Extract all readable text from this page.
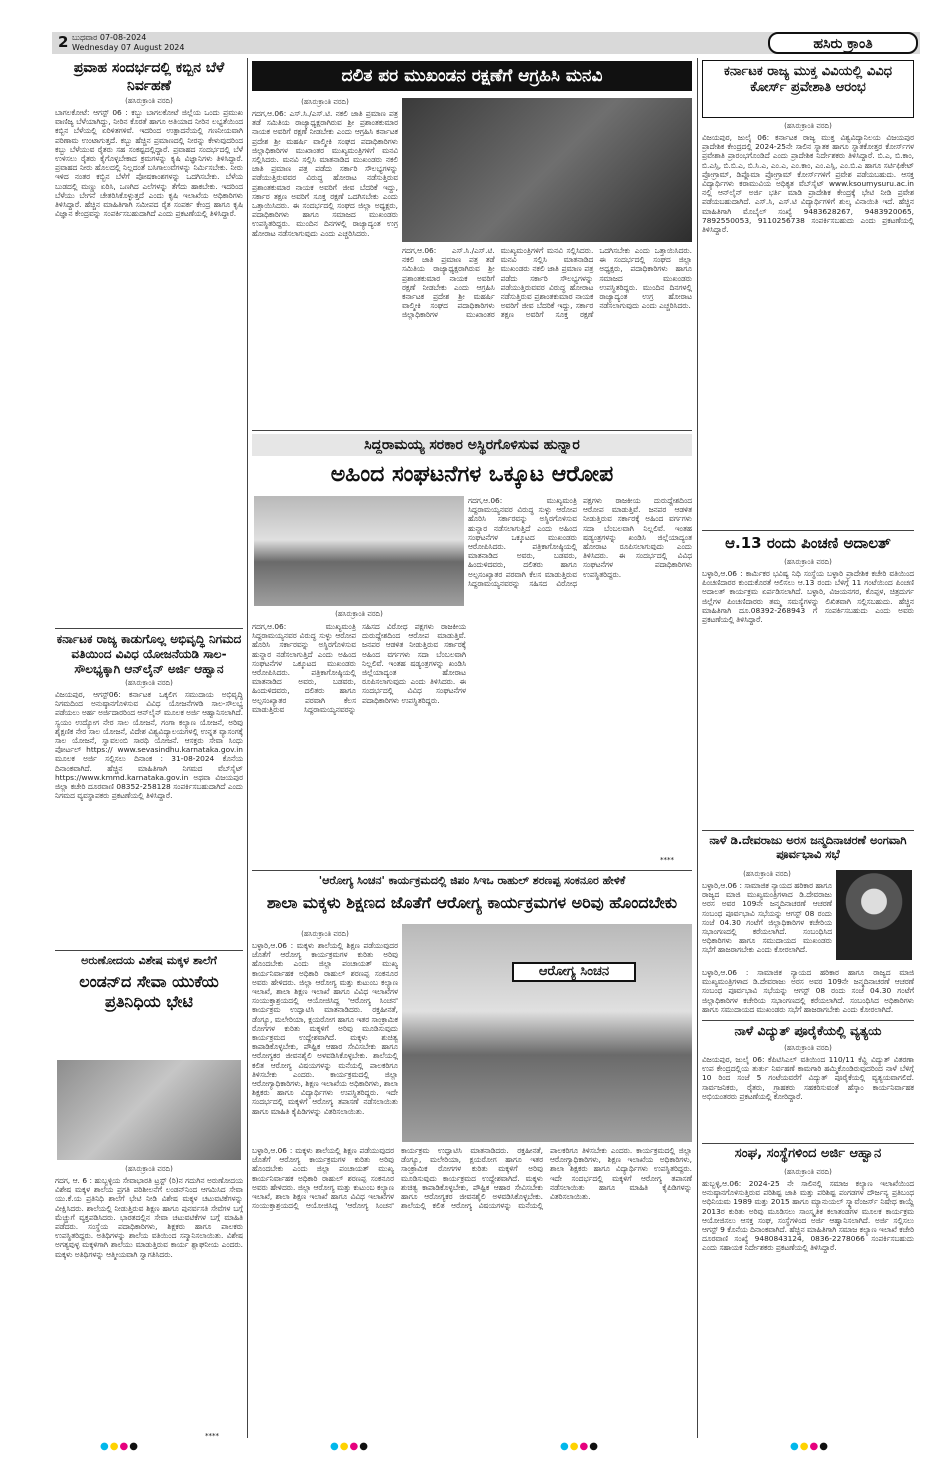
2 ಬುಧವಾರ 07-08-2024
Wednesday 07 August 2024	ಹಸಿರು ಕ್ರಾಂತಿ
ಪ್ರವಾಹ ಸಂದರ್ಭದಲ್ಲಿ ಕಬ್ಬಿನ ಬೆಳೆ ನಿರ್ವಹಣೆ
(ಹಸಿರುಕ್ರಾಂತಿ ವರದಿ)
ಬಾಗಲಕೋಟೆ: ಆಗಸ್ಟ್ 06 : ಕಬ್ಬು ಬಾಗಲಕೋಟೆ ಜಿಲ್ಲೆಯ ಒಂದು ಪ್ರಮುಖ ವಾಣಿಜ್ಯ ಬೆಳೆಯಾಗಿದ್ದು, ನೀರಿನ ಕೊರತೆ ಹಾಗೂ ಅತಿಯಾದ ನೀರಿನ ಲಭ್ಯತೆಯಿಂದ ಕಬ್ಬಿನ ಬೆಳೆಯಲ್ಲಿ ಏರಿಳಿತಗಳಿವೆ. ಇದರಿಂದ ಉತ್ಪಾದನೆಯಲ್ಲಿ ಗಣನೀಯವಾಗಿ ಪರಿಣಾಮ ಉಂಟಾಗುತ್ತದೆ. ಕಬ್ಬು ಹೆಚ್ಚಿನ ಪ್ರಮಾಣದಲ್ಲಿ ನೀರನ್ನು ಕೇಳುವುದರಿಂದ ಕಬ್ಬು ಬೆಳೆಯುವ ರೈತರು ಸಹ ಸಂಕಷ್ಟದಲ್ಲಿದ್ದಾರೆ. ಪ್ರವಾಹದ ಸಂದರ್ಭದಲ್ಲಿ ಬೆಳೆ ಉಳಿಸಲು ರೈತರು ಕೈಗೊಳ್ಳಬೇಕಾದ ಕ್ರಮಗಳನ್ನು ಕೃಷಿ ವಿಜ್ಞಾನಿಗಳು ತಿಳಿಸಿದ್ದಾರೆ. ಪ್ರವಾಹದ ನೀರು ಹೊಲದಲ್ಲಿ ನಿಲ್ಲದಂತೆ ಬಸಿಗಾಲುವೆಗಳನ್ನು ನಿರ್ಮಿಸಬೇಕು. ನೀರು ಇಳಿದ ನಂತರ ಕಬ್ಬಿನ ಬೆಳೆಗೆ ಪೋಷಕಾಂಶಗಳನ್ನು ಒದಗಿಸಬೇಕು. ಬೆಳೆಯ ಬುಡದಲ್ಲಿ ಮಣ್ಣು ಏರಿಸಿ, ಒಣಗಿದ ಎಲೆಗಳನ್ನು ತೆಗೆದು ಹಾಕಬೇಕು. ಇದರಿಂದ ಬೆಳೆಯು ಬೇಗನೆ ಚೇತರಿಸಿಕೊಳ್ಳುತ್ತದೆ ಎಂದು ಕೃಷಿ ಇಲಾಖೆಯ ಅಧಿಕಾರಿಗಳು ತಿಳಿಸಿದ್ದಾರೆ. ಹೆಚ್ಚಿನ ಮಾಹಿತಿಗಾಗಿ ಸಮೀಪದ ರೈತ ಸಂಪರ್ಕ ಕೇಂದ್ರ ಹಾಗೂ ಕೃಷಿ ವಿಜ್ಞಾನ ಕೇಂದ್ರವನ್ನು ಸಂಪರ್ಕಿಸಬಹುದಾಗಿದೆ ಎಂದು ಪ್ರಕಟಣೆಯಲ್ಲಿ ತಿಳಿಸಿದ್ದಾರೆ.
ಕರ್ನಾಟಕ ರಾಜ್ಯ ಕಾಡುಗೊಲ್ಲ ಅಭಿವೃದ್ಧಿ ನಿಗಮದ ವತಿಯಿಂದ ವಿವಿಧ ಯೋಜನೆಯಡಿ ಸಾಲ-ಸೌಲಭ್ಯಕ್ಕಾಗಿ ಆನ್‌ಲೈನ್ ಅರ್ಜಿ ಆಹ್ವಾನ
(ಹಸಿರುಕ್ರಾಂತಿ ವರದಿ)
ವಿಜಯಪುರ, ಆಗಸ್ಟ್06: ಕರ್ನಾಟಕ ಒಕ್ಕಲಿಗ ಸಮುದಾಯ ಅಭಿವೃದ್ಧಿ ನಿಗಮದಿಂದ ಅನುಷ್ಠಾನಗೊಳಿಸುವ ವಿವಿಧ ಯೋಜನೆಗಳಡಿ ಸಾಲ-ಸೌಲಭ್ಯ ಪಡೆಯಲು ಅರ್ಹ ಅರ್ಜಿದಾರರಿಂದ ಆನ್‌ಲೈನ್ ಮೂಲಕ ಅರ್ಜಿ ಆಹ್ವಾನಿಸಲಾಗಿದೆ. ಸ್ವಯಂ ಉದ್ಯೋಗ ನೇರ ಸಾಲ ಯೋಜನೆ, ಗಂಗಾ ಕಲ್ಯಾಣ ಯೋಜನೆ, ಅರಿವು ಶೈಕ್ಷಣಿಕ ನೇರ ಸಾಲ ಯೋಜನೆ, ವಿದೇಶ ವಿಶ್ವವಿದ್ಯಾಲಯಗಳಲ್ಲಿ ಉನ್ನತ ವ್ಯಾಸಂಗಕ್ಕೆ ಸಾಲ ಯೋಜನೆ, ಸ್ವಾವಲಂಬಿ ಸಾರಥಿ ಯೋಜನೆ. ಆಸಕ್ತರು ಸೇವಾ ಸಿಂಧು ಪೋರ್ಟಲ್ https:// www.sevasindhu.karnataka.gov.in ಮೂಲಕ ಅರ್ಜಿ ಸಲ್ಲಿಸಲು ದಿನಾಂಕ : 31-08-2024 ಕೊನೆಯ ದಿನಾಂಕವಾಗಿದೆ. ಹೆಚ್ಚಿನ ಮಾಹಿತಿಗಾಗಿ ನಿಗಮದ ವೆಬ್‌ಸೈಟ್ https://www.kmmd.karnataka.gov.in ಅಥವಾ ವಿಜಯಪುರ ಜಿಲ್ಲಾ ಕಚೇರಿ ದೂರವಾಣಿ 08352-258128 ಸಂಪರ್ಕಿಸಬಹುದಾಗಿದೆ ಎಂದು ನಿಗಮದ ವ್ಯವಸ್ಥಾಪಕರು ಪ್ರಕಟಣೆಯಲ್ಲಿ ತಿಳಿಸಿದ್ದಾರೆ.
ಅರುಣೋದಯ ವಿಶೇಷ ಮಕ್ಕಳ ಶಾಲೆಗೆ
ಲಂಡನ್‌ದ ಸೇವಾ ಯುಕೆಯ ಪ್ರತಿನಿಧಿಯ ಭೇಟಿ
(ಹಸಿರುಕ್ರಾಂತಿ ವರದಿ)
ಗದಗ, ಆ. 6 : ಹುಬ್ಬಳ್ಳಿಯ ಸೇವಾಭಾರತಿ ಟ್ರಸ್ಟ್ (ರಿ)ನ ಗದುಗಿನ ಅರುಣೋದಯ ವಿಶೇಷ ಮಕ್ಕಳ ಶಾಲೆಯ ಪ್ರಗತಿ ಪರಿಶೀಲನೆಗೆ ಲಂಡನ್‌ನಿಂದ ಆಗಮಿಸಿದ ಸೇವಾ ಯು.ಕೆ.ಯ ಪ್ರತಿನಿಧಿ ಶಾಲೆಗೆ ಭೇಟಿ ನೀಡಿ ವಿಶೇಷ ಮಕ್ಕಳ ಚಟುವಟಿಕೆಗಳನ್ನು ವೀಕ್ಷಿಸಿದರು. ಶಾಲೆಯಲ್ಲಿ ನೀಡುತ್ತಿರುವ ಶಿಕ್ಷಣ ಹಾಗೂ ಪುನರ್ವಸತಿ ಸೇವೆಗಳ ಬಗ್ಗೆ ಮೆಚ್ಚುಗೆ ವ್ಯಕ್ತಪಡಿಸಿದರು. ಭಾರತದಲ್ಲಿನ ಸೇವಾ ಚಟುವಟಿಕೆಗಳ ಬಗ್ಗೆ ಮಾಹಿತಿ ಪಡೆದರು. ಸಂಸ್ಥೆಯ ಪದಾಧಿಕಾರಿಗಳು, ಶಿಕ್ಷಕರು ಹಾಗೂ ಪಾಲಕರು ಉಪಸ್ಥಿತರಿದ್ದರು. ಅತಿಥಿಗಳನ್ನು ಶಾಲೆಯ ವತಿಯಿಂದ ಸನ್ಮಾನಿಸಲಾಯಿತು. ವಿಶೇಷ ಅಗತ್ಯವುಳ್ಳ ಮಕ್ಕಳಿಗಾಗಿ ಶಾಲೆಯು ಮಾಡುತ್ತಿರುವ ಕಾರ್ಯ ಶ್ಲಾಘನೀಯ ಎಂದರು. ಮಕ್ಕಳು ಅತಿಥಿಗಳನ್ನು ಆತ್ಮೀಯವಾಗಿ ಸ್ವಾಗತಿಸಿದರು.
ದಲಿತ ಪರ ಮುಖಂಡನ ರಕ್ಷಣೆಗೆ ಆಗ್ರಹಿಸಿ ಮನವಿ
(ಹಸಿರುಕ್ರಾಂತಿ ವರದಿ)
ಗದಗ,ಆ.06: ಎಸ್.ಸಿ./ಎಸ್.ಟಿ. ನಕಲಿ ಜಾತಿ ಪ್ರಮಾಣ ಪತ್ರ ತಡೆ ಸಮಿತಿಯ ರಾಜ್ಯಾಧ್ಯಕ್ಷರಾಗಿರುವ ಶ್ರೀ ಪ್ರಶಾಂತಕುಮಾರ ನಾಯಕ ಅವರಿಗೆ ರಕ್ಷಣೆ ನೀಡಬೇಕು ಎಂದು ಆಗ್ರಹಿಸಿ ಕರ್ನಾಟಕ ಪ್ರದೇಶ ಶ್ರೀ ಮಹರ್ಷಿ ವಾಲ್ಮೀಕಿ ಸಂಘದ ಪದಾಧಿಕಾರಿಗಳು ಜಿಲ್ಲಾಧಿಕಾರಿಗಳ ಮುಖಾಂತರ ಮುಖ್ಯಮಂತ್ರಿಗಳಿಗೆ ಮನವಿ ಸಲ್ಲಿಸಿದರು. ಮನವಿ ಸಲ್ಲಿಸಿ ಮಾತನಾಡಿದ ಮುಖಂಡರು ನಕಲಿ ಜಾತಿ ಪ್ರಮಾಣ ಪತ್ರ ಪಡೆದು ಸರ್ಕಾರಿ ಸೌಲಭ್ಯಗಳನ್ನು ಪಡೆಯುತ್ತಿರುವವರ ವಿರುದ್ಧ ಹೋರಾಟ ನಡೆಸುತ್ತಿರುವ ಪ್ರಶಾಂತಕುಮಾರ ನಾಯಕ ಅವರಿಗೆ ಜೀವ ಬೆದರಿಕೆ ಇದ್ದು, ಸರ್ಕಾರ ತಕ್ಷಣ ಅವರಿಗೆ ಸೂಕ್ತ ರಕ್ಷಣೆ ಒದಗಿಸಬೇಕು ಎಂದು ಒತ್ತಾಯಿಸಿದರು. ಈ ಸಂದರ್ಭದಲ್ಲಿ ಸಂಘದ ಜಿಲ್ಲಾ ಅಧ್ಯಕ್ಷರು, ಪದಾಧಿಕಾರಿಗಳು ಹಾಗೂ ಸಮಾಜದ ಮುಖಂಡರು ಉಪಸ್ಥಿತರಿದ್ದರು. ಮುಂದಿನ ದಿನಗಳಲ್ಲಿ ರಾಜ್ಯಾದ್ಯಂತ ಉಗ್ರ ಹೋರಾಟ ನಡೆಸಲಾಗುವುದು ಎಂದು ಎಚ್ಚರಿಸಿದರು.
ಗದಗ,ಆ.06: ಎಸ್.ಸಿ./ಎಸ್.ಟಿ. ನಕಲಿ ಜಾತಿ ಪ್ರಮಾಣ ಪತ್ರ ತಡೆ ಸಮಿತಿಯ ರಾಜ್ಯಾಧ್ಯಕ್ಷರಾಗಿರುವ ಶ್ರೀ ಪ್ರಶಾಂತಕುಮಾರ ನಾಯಕ ಅವರಿಗೆ ರಕ್ಷಣೆ ನೀಡಬೇಕು ಎಂದು ಆಗ್ರಹಿಸಿ ಕರ್ನಾಟಕ ಪ್ರದೇಶ ಶ್ರೀ ಮಹರ್ಷಿ ವಾಲ್ಮೀಕಿ ಸಂಘದ ಪದಾಧಿಕಾರಿಗಳು ಜಿಲ್ಲಾಧಿಕಾರಿಗಳ ಮುಖಾಂತರ ಮುಖ್ಯಮಂತ್ರಿಗಳಿಗೆ ಮನವಿ ಸಲ್ಲಿಸಿದರು. ಮನವಿ ಸಲ್ಲಿಸಿ ಮಾತನಾಡಿದ ಮುಖಂಡರು ನಕಲಿ ಜಾತಿ ಪ್ರಮಾಣ ಪತ್ರ ಪಡೆದು ಸರ್ಕಾರಿ ಸೌಲಭ್ಯಗಳನ್ನು ಪಡೆಯುತ್ತಿರುವವರ ವಿರುದ್ಧ ಹೋರಾಟ ನಡೆಸುತ್ತಿರುವ ಪ್ರಶಾಂತಕುಮಾರ ನಾಯಕ ಅವರಿಗೆ ಜೀವ ಬೆದರಿಕೆ ಇದ್ದು, ಸರ್ಕಾರ ತಕ್ಷಣ ಅವರಿಗೆ ಸೂಕ್ತ ರಕ್ಷಣೆ ಒದಗಿಸಬೇಕು ಎಂದು ಒತ್ತಾಯಿಸಿದರು. ಈ ಸಂದರ್ಭದಲ್ಲಿ ಸಂಘದ ಜಿಲ್ಲಾ ಅಧ್ಯಕ್ಷರು, ಪದಾಧಿಕಾರಿಗಳು ಹಾಗೂ ಸಮಾಜದ ಮುಖಂಡರು ಉಪಸ್ಥಿತರಿದ್ದರು. ಮುಂದಿನ ದಿನಗಳಲ್ಲಿ ರಾಜ್ಯಾದ್ಯಂತ ಉಗ್ರ ಹೋರಾಟ ನಡೆಸಲಾಗುವುದು ಎಂದು ಎಚ್ಚರಿಸಿದರು.
ಸಿದ್ದರಾಮಯ್ಯ ಸರಕಾರ ಅಸ್ಥಿರಗೊಳಿಸುವ ಹುನ್ನಾರ
ಅಹಿಂದ ಸಂಘಟನೆಗಳ ಒಕ್ಕೂಟ ಆರೋಪ
(ಹಸಿರುಕ್ರಾಂತಿ ವರದಿ)
ಗದಗ,ಆ.06: ಮುಖ್ಯಮಂತ್ರಿ ಸಿದ್ದರಾಮಯ್ಯನವರ ವಿರುದ್ಧ ಸುಳ್ಳು ಆರೋಪ ಹೊರಿಸಿ ಸರ್ಕಾರವನ್ನು ಅಸ್ಥಿರಗೊಳಿಸುವ ಹುನ್ನಾರ ನಡೆಸಲಾಗುತ್ತಿದೆ ಎಂದು ಅಹಿಂದ ಸಂಘಟನೆಗಳ ಒಕ್ಕೂಟದ ಮುಖಂಡರು ಆರೋಪಿಸಿದರು. ಪತ್ರಿಕಾಗೋಷ್ಠಿಯಲ್ಲಿ ಮಾತನಾಡಿದ ಅವರು, ಬಡವರು, ಹಿಂದುಳಿದವರು, ದಲಿತರು ಹಾಗೂ ಅಲ್ಪಸಂಖ್ಯಾತರ ಪರವಾಗಿ ಕೆಲಸ ಮಾಡುತ್ತಿರುವ ಸಿದ್ದರಾಮಯ್ಯನವರನ್ನು ಸಹಿಸದ ವಿರೋಧ ಪಕ್ಷಗಳು ರಾಜಕೀಯ ದುರುದ್ದೇಶದಿಂದ ಆರೋಪ ಮಾಡುತ್ತಿವೆ. ಜನಪರ ಆಡಳಿತ ನೀಡುತ್ತಿರುವ ಸರ್ಕಾರಕ್ಕೆ ಅಹಿಂದ ವರ್ಗಗಳು ಸದಾ ಬೆಂಬಲವಾಗಿ ನಿಲ್ಲಲಿವೆ. ಇಂತಹ ಷಡ್ಯಂತ್ರಗಳನ್ನು ಖಂಡಿಸಿ ಜಿಲ್ಲೆಯಾದ್ಯಂತ ಹೋರಾಟ ರೂಪಿಸಲಾಗುವುದು ಎಂದು ತಿಳಿಸಿದರು. ಈ ಸಂದರ್ಭದಲ್ಲಿ ವಿವಿಧ ಸಂಘಟನೆಗಳ ಪದಾಧಿಕಾರಿಗಳು ಉಪಸ್ಥಿತರಿದ್ದರು.
ಗದಗ,ಆ.06: ಮುಖ್ಯಮಂತ್ರಿ ಸಿದ್ದರಾಮಯ್ಯನವರ ವಿರುದ್ಧ ಸುಳ್ಳು ಆರೋಪ ಹೊರಿಸಿ ಸರ್ಕಾರವನ್ನು ಅಸ್ಥಿರಗೊಳಿಸುವ ಹುನ್ನಾರ ನಡೆಸಲಾಗುತ್ತಿದೆ ಎಂದು ಅಹಿಂದ ಸಂಘಟನೆಗಳ ಒಕ್ಕೂಟದ ಮುಖಂಡರು ಆರೋಪಿಸಿದರು. ಪತ್ರಿಕಾಗೋಷ್ಠಿಯಲ್ಲಿ ಮಾತನಾಡಿದ ಅವರು, ಬಡವರು, ಹಿಂದುಳಿದವರು, ದಲಿತರು ಹಾಗೂ ಅಲ್ಪಸಂಖ್ಯಾತರ ಪರವಾಗಿ ಕೆಲಸ ಮಾಡುತ್ತಿರುವ ಸಿದ್ದರಾಮಯ್ಯನವರನ್ನು ಸಹಿಸದ ವಿರೋಧ ಪಕ್ಷಗಳು ರಾಜಕೀಯ ದುರುದ್ದೇಶದಿಂದ ಆರೋಪ ಮಾಡುತ್ತಿವೆ. ಜನಪರ ಆಡಳಿತ ನೀಡುತ್ತಿರುವ ಸರ್ಕಾರಕ್ಕೆ ಅಹಿಂದ ವರ್ಗಗಳು ಸದಾ ಬೆಂಬಲವಾಗಿ ನಿಲ್ಲಲಿವೆ. ಇಂತಹ ಷಡ್ಯಂತ್ರಗಳನ್ನು ಖಂಡಿಸಿ ಜಿಲ್ಲೆಯಾದ್ಯಂತ ಹೋರಾಟ ರೂಪಿಸಲಾಗುವುದು ಎಂದು ತಿಳಿಸಿದರು. ಈ ಸಂದರ್ಭದಲ್ಲಿ ವಿವಿಧ ಸಂಘಟನೆಗಳ ಪದಾಧಿಕಾರಿಗಳು ಉಪಸ್ಥಿತರಿದ್ದರು.
****
'ಆರೋಗ್ಯ ಸಿಂಚನ' ಕಾರ್ಯಕ್ರಮದಲ್ಲಿ ಜಿಪಂ ಸಿಇಒ ರಾಹುಲ್ ಶರಣಪ್ಪ ಸಂಕನೂರ ಹೇಳಿಕೆ
ಶಾಲಾ ಮಕ್ಕಳು ಶಿಕ್ಷಣದ ಜೊತೆಗೆ ಆರೋಗ್ಯ ಕಾರ್ಯಕ್ರಮಗಳ ಅರಿವು ಹೊಂದಬೇಕು
ಆರೋಗ್ಯ ಸಿಂಚನ
(ಹಸಿರುಕ್ರಾಂತಿ ವರದಿ)
ಬಳ್ಳಾರಿ,ಆ.06 : ಮಕ್ಕಳು ಶಾಲೆಯಲ್ಲಿ ಶಿಕ್ಷಣ ಪಡೆಯುವುದರ ಜೊತೆಗೆ ಆರೋಗ್ಯ ಕಾರ್ಯಕ್ರಮಗಳ ಕುರಿತು ಅರಿವು ಹೊಂದಬೇಕು ಎಂದು ಜಿಲ್ಲಾ ಪಂಚಾಯತ್ ಮುಖ್ಯ ಕಾರ್ಯನಿರ್ವಾಹಕ ಅಧಿಕಾರಿ ರಾಹುಲ್ ಶರಣಪ್ಪ ಸಂಕನೂರ ಅವರು ಹೇಳಿದರು. ಜಿಲ್ಲಾ ಆರೋಗ್ಯ ಮತ್ತು ಕುಟುಂಬ ಕಲ್ಯಾಣ ಇಲಾಖೆ, ಶಾಲಾ ಶಿಕ್ಷಣ ಇಲಾಖೆ ಹಾಗೂ ವಿವಿಧ ಇಲಾಖೆಗಳ ಸಂಯುಕ್ತಾಶ್ರಯದಲ್ಲಿ ಆಯೋಜಿಸಿದ್ದ 'ಆರೋಗ್ಯ ಸಿಂಚನ' ಕಾರ್ಯಕ್ರಮ ಉದ್ಘಾಟಿಸಿ ಮಾತನಾಡಿದರು. ರಕ್ತಹೀನತೆ, ಡೆಂಗ್ಯೂ, ಮಲೇರಿಯಾ, ಕ್ಷಯರೋಗ ಹಾಗೂ ಇತರ ಸಾಂಕ್ರಾಮಿಕ ರೋಗಗಳ ಕುರಿತು ಮಕ್ಕಳಿಗೆ ಅರಿವು ಮೂಡಿಸುವುದು ಕಾರ್ಯಕ್ರಮದ ಉದ್ದೇಶವಾಗಿದೆ. ಮಕ್ಕಳು ಶುಚಿತ್ವ ಕಾಪಾಡಿಕೊಳ್ಳಬೇಕು, ಪೌಷ್ಟಿಕ ಆಹಾರ ಸೇವಿಸಬೇಕು ಹಾಗೂ ಆರೋಗ್ಯಕರ ಜೀವನಶೈಲಿ ಅಳವಡಿಸಿಕೊಳ್ಳಬೇಕು. ಶಾಲೆಯಲ್ಲಿ ಕಲಿತ ಆರೋಗ್ಯ ವಿಷಯಗಳನ್ನು ಮನೆಯಲ್ಲಿ ಪಾಲಕರಿಗೂ ತಿಳಿಸಬೇಕು ಎಂದರು. ಕಾರ್ಯಕ್ರಮದಲ್ಲಿ ಜಿಲ್ಲಾ ಆರೋಗ್ಯಾಧಿಕಾರಿಗಳು, ಶಿಕ್ಷಣ ಇಲಾಖೆಯ ಅಧಿಕಾರಿಗಳು, ಶಾಲಾ ಶಿಕ್ಷಕರು ಹಾಗೂ ವಿದ್ಯಾರ್ಥಿಗಳು ಉಪಸ್ಥಿತರಿದ್ದರು. ಇದೇ ಸಂದರ್ಭದಲ್ಲಿ ಮಕ್ಕಳಿಗೆ ಆರೋಗ್ಯ ತಪಾಸಣೆ ನಡೆಸಲಾಯಿತು ಹಾಗೂ ಮಾಹಿತಿ ಕೈಪಿಡಿಗಳನ್ನು ವಿತರಿಸಲಾಯಿತು.
ಬಳ್ಳಾರಿ,ಆ.06 : ಮಕ್ಕಳು ಶಾಲೆಯಲ್ಲಿ ಶಿಕ್ಷಣ ಪಡೆಯುವುದರ ಜೊತೆಗೆ ಆರೋಗ್ಯ ಕಾರ್ಯಕ್ರಮಗಳ ಕುರಿತು ಅರಿವು ಹೊಂದಬೇಕು ಎಂದು ಜಿಲ್ಲಾ ಪಂಚಾಯತ್ ಮುಖ್ಯ ಕಾರ್ಯನಿರ್ವಾಹಕ ಅಧಿಕಾರಿ ರಾಹುಲ್ ಶರಣಪ್ಪ ಸಂಕನೂರ ಅವರು ಹೇಳಿದರು. ಜಿಲ್ಲಾ ಆರೋಗ್ಯ ಮತ್ತು ಕುಟುಂಬ ಕಲ್ಯಾಣ ಇಲಾಖೆ, ಶಾಲಾ ಶಿಕ್ಷಣ ಇಲಾಖೆ ಹಾಗೂ ವಿವಿಧ ಇಲಾಖೆಗಳ ಸಂಯುಕ್ತಾಶ್ರಯದಲ್ಲಿ ಆಯೋಜಿಸಿದ್ದ 'ಆರೋಗ್ಯ ಸಿಂಚನ' ಕಾರ್ಯಕ್ರಮ ಉದ್ಘಾಟಿಸಿ ಮಾತನಾಡಿದರು. ರಕ್ತಹೀನತೆ, ಡೆಂಗ್ಯೂ, ಮಲೇರಿಯಾ, ಕ್ಷಯರೋಗ ಹಾಗೂ ಇತರ ಸಾಂಕ್ರಾಮಿಕ ರೋಗಗಳ ಕುರಿತು ಮಕ್ಕಳಿಗೆ ಅರಿವು ಮೂಡಿಸುವುದು ಕಾರ್ಯಕ್ರಮದ ಉದ್ದೇಶವಾಗಿದೆ. ಮಕ್ಕಳು ಶುಚಿತ್ವ ಕಾಪಾಡಿಕೊಳ್ಳಬೇಕು, ಪೌಷ್ಟಿಕ ಆಹಾರ ಸೇವಿಸಬೇಕು ಹಾಗೂ ಆರೋಗ್ಯಕರ ಜೀವನಶೈಲಿ ಅಳವಡಿಸಿಕೊಳ್ಳಬೇಕು. ಶಾಲೆಯಲ್ಲಿ ಕಲಿತ ಆರೋಗ್ಯ ವಿಷಯಗಳನ್ನು ಮನೆಯಲ್ಲಿ ಪಾಲಕರಿಗೂ ತಿಳಿಸಬೇಕು ಎಂದರು. ಕಾರ್ಯಕ್ರಮದಲ್ಲಿ ಜಿಲ್ಲಾ ಆರೋಗ್ಯಾಧಿಕಾರಿಗಳು, ಶಿಕ್ಷಣ ಇಲಾಖೆಯ ಅಧಿಕಾರಿಗಳು, ಶಾಲಾ ಶಿಕ್ಷಕರು ಹಾಗೂ ವಿದ್ಯಾರ್ಥಿಗಳು ಉಪಸ್ಥಿತರಿದ್ದರು. ಇದೇ ಸಂದರ್ಭದಲ್ಲಿ ಮಕ್ಕಳಿಗೆ ಆರೋಗ್ಯ ತಪಾಸಣೆ ನಡೆಸಲಾಯಿತು ಹಾಗೂ ಮಾಹಿತಿ ಕೈಪಿಡಿಗಳನ್ನು ವಿತರಿಸಲಾಯಿತು.
ಕರ್ನಾಟಕ ರಾಜ್ಯ ಮುಕ್ತ ವಿವಿಯಲ್ಲಿ ವಿವಿಧ ಕೋರ್ಸ್ ಪ್ರವೇಶಾತಿ ಆರಂಭ
(ಹಸಿರುಕ್ರಾಂತಿ ವರದಿ)
ವಿಜಯಪುರ, ಜುಲೈ 06: ಕರ್ನಾಟಕ ರಾಜ್ಯ ಮುಕ್ತ ವಿಶ್ವವಿದ್ಯಾನಿಲಯ ವಿಜಯಪುರ ಪ್ರಾದೇಶಿಕ ಕೇಂದ್ರದಲ್ಲಿ 2024-25ನೇ ಸಾಲಿನ ಸ್ನಾತಕ ಹಾಗೂ ಸ್ನಾತಕೋತ್ತರ ಕೋರ್ಸ್‌ಗಳ ಪ್ರವೇಶಾತಿ ಪ್ರಾರಂಭಗೊಂಡಿದೆ ಎಂದು ಪ್ರಾದೇಶಿಕ ನಿರ್ದೇಶಕರು ತಿಳಿಸಿದ್ದಾರೆ. ಬಿ.ಎ, ಬಿ.ಕಾಂ, ಬಿ.ಎಸ್ಸಿ, ಬಿ.ಬಿ.ಎ, ಬಿ.ಸಿ.ಎ, ಎಂ.ಎ, ಎಂ.ಕಾಂ, ಎಂ.ಎಸ್ಸಿ, ಎಂ.ಬಿ.ಎ ಹಾಗೂ ಸರ್ಟಿಫಿಕೇಟ್ ಪ್ರೋಗ್ರಾಮ್, ಡಿಪ್ಲೊಮಾ ಪ್ರೋಗ್ರಾಮ್ ಕೋರ್ಸ್‌ಗಳಿಗೆ ಪ್ರವೇಶ ಪಡೆಯಬಹುದು. ಆಸಕ್ತ ವಿದ್ಯಾರ್ಥಿಗಳು ಕರಾಮುವಿಯ ಅಧಿಕೃತ ವೆಬ್‌ಸೈಟ್ www.ksoumysuru.ac.in ನಲ್ಲಿ ಆನ್‌ಲೈನ್ ಅರ್ಜಿ ಭರ್ತಿ ಮಾಡಿ ಪ್ರಾದೇಶಿಕ ಕೇಂದ್ರಕ್ಕೆ ಭೇಟಿ ನೀಡಿ ಪ್ರವೇಶ ಪಡೆಯಬಹುದಾಗಿದೆ. ಎಸ್.ಸಿ, ಎಸ್.ಟಿ ವಿದ್ಯಾರ್ಥಿಗಳಿಗೆ ಶುಲ್ಕ ವಿನಾಯಿತಿ ಇದೆ. ಹೆಚ್ಚಿನ ಮಾಹಿತಿಗಾಗಿ ಮೊಬೈಲ್ ಸಂಖ್ಯೆ 9483628267, 9483920065, 7892550053, 9110256738 ಸಂಪರ್ಕಿಸಬಹುದು ಎಂದು ಪ್ರಕಟಣೆಯಲ್ಲಿ ತಿಳಿಸಿದ್ದಾರೆ.
ಆ.13 ರಂದು ಪಿಂಚಣಿ ಅದಾಲತ್
(ಹಸಿರುಕ್ರಾಂತಿ ವರದಿ)
ಬಳ್ಳಾರಿ,ಆ.06 : ಕಾರ್ಮಿಕರ ಭವಿಷ್ಯ ನಿಧಿ ಸಂಸ್ಥೆಯ ಬಳ್ಳಾರಿ ಪ್ರಾದೇಶಿಕ ಕಚೇರಿ ವತಿಯಿಂದ ಪಿಂಚಣಿದಾರರ ಕುಂದುಕೊರತೆ ಆಲಿಸಲು ಆ.13 ರಂದು ಬೆಳಿಗ್ಗೆ 11 ಗಂಟೆಯಿಂದ ಪಿಂಚಣಿ ಅದಾಲತ್ ಕಾರ್ಯಕ್ರಮ ಏರ್ಪಡಿಸಲಾಗಿದೆ. ಬಳ್ಳಾರಿ, ವಿಜಯನಗರ, ಕೊಪ್ಪಳ, ಚಿತ್ರದುರ್ಗ ಜಿಲ್ಲೆಗಳ ಪಿಂಚಣಿದಾರರು ತಮ್ಮ ಸಮಸ್ಯೆಗಳನ್ನು ಲಿಖಿತವಾಗಿ ಸಲ್ಲಿಸಬಹುದು. ಹೆಚ್ಚಿನ ಮಾಹಿತಿಗಾಗಿ ದೂ.08392-268943 ಗೆ ಸಂಪರ್ಕಿಸಬಹುದು ಎಂದು ಅವರು ಪ್ರಕಟಣೆಯಲ್ಲಿ ತಿಳಿಸಿದ್ದಾರೆ.
ನಾಳೆ ಡಿ.ದೇವರಾಜು ಅರಸ ಜನ್ಮದಿನಾಚರಣೆ ಅಂಗವಾಗಿ ಪೂರ್ವಭಾವಿ ಸಭೆ
(ಹಸಿರುಕ್ರಾಂತಿ ವರದಿ)
ಬಳ್ಳಾರಿ,ಆ.06 : ಸಾಮಾಜಿಕ ನ್ಯಾಯದ ಹರಿಕಾರ ಹಾಗೂ ರಾಜ್ಯದ ಮಾಜಿ ಮುಖ್ಯಮಂತ್ರಿಗಳಾದ ಡಿ.ದೇವರಾಜು ಅರಸ ಅವರ 109ನೇ ಜನ್ಮದಿನಾಚರಣೆ ಆಚರಣೆ ಸಂಬಂಧ ಪೂರ್ವಭಾವಿ ಸಭೆಯನ್ನು ಆಗಸ್ಟ್ 08 ರಂದು ಸಂಜೆ 04.30 ಗಂಟೆಗೆ ಜಿಲ್ಲಾಧಿಕಾರಿಗಳ ಕಚೇರಿಯ ಸಭಾಂಗಣದಲ್ಲಿ ಕರೆಯಲಾಗಿದೆ. ಸಂಬಂಧಿಸಿದ ಅಧಿಕಾರಿಗಳು ಹಾಗೂ ಸಮುದಾಯದ ಮುಖಂಡರು ಸಭೆಗೆ ಹಾಜರಾಗಬೇಕು ಎಂದು ಕೋರಲಾಗಿದೆ.
ಬಳ್ಳಾರಿ,ಆ.06 : ಸಾಮಾಜಿಕ ನ್ಯಾಯದ ಹರಿಕಾರ ಹಾಗೂ ರಾಜ್ಯದ ಮಾಜಿ ಮುಖ್ಯಮಂತ್ರಿಗಳಾದ ಡಿ.ದೇವರಾಜು ಅರಸ ಅವರ 109ನೇ ಜನ್ಮದಿನಾಚರಣೆ ಆಚರಣೆ ಸಂಬಂಧ ಪೂರ್ವಭಾವಿ ಸಭೆಯನ್ನು ಆಗಸ್ಟ್ 08 ರಂದು ಸಂಜೆ 04.30 ಗಂಟೆಗೆ ಜಿಲ್ಲಾಧಿಕಾರಿಗಳ ಕಚೇರಿಯ ಸಭಾಂಗಣದಲ್ಲಿ ಕರೆಯಲಾಗಿದೆ. ಸಂಬಂಧಿಸಿದ ಅಧಿಕಾರಿಗಳು ಹಾಗೂ ಸಮುದಾಯದ ಮುಖಂಡರು ಸಭೆಗೆ ಹಾಜರಾಗಬೇಕು ಎಂದು ಕೋರಲಾಗಿದೆ.
ನಾಳೆ ವಿದ್ಯುತ್ ಪೂರೈಕೆಯಲ್ಲಿ ವ್ಯತ್ಯಯ
(ಹಸಿರುಕ್ರಾಂತಿ ವರದಿ)
ವಿಜಯಪುರ, ಜುಲೈ 06: ಕೆಪಿಟಿಸಿಎಲ್ ವತಿಯಿಂದ 110/11 ಕೆವ್ಹಿ ವಿದ್ಯುತ್ ವಿತರಣಾ ಉಪ ಕೇಂದ್ರದಲ್ಲಿಯ ತುರ್ತು ನಿರ್ವಹಣೆ ಕಾಮಗಾರಿ ಹಮ್ಮಿಕೊಂಡಿರುವುದರಿಂದ ನಾಳೆ ಬೆಳಿಗ್ಗೆ 10 ರಿಂದ ಸಂಜೆ 5 ಗಂಟೆಯವರೆಗೆ ವಿದ್ಯುತ್ ಪೂರೈಕೆಯಲ್ಲಿ ವ್ಯತ್ಯಯವಾಗಲಿದೆ. ಸಾರ್ವಜನಿಕರು, ರೈತರು, ಗ್ರಾಹಕರು ಸಹಕರಿಸುವಂತೆ ಹೆಸ್ಕಾಂ ಕಾರ್ಯನಿರ್ವಾಹಕ ಅಭಿಯಂತರರು ಪ್ರಕಟಣೆಯಲ್ಲಿ ಕೋರಿದ್ದಾರೆ.
ಸಂಘ, ಸಂಸ್ಥೆಗಳಿಂದ ಅರ್ಜಿ ಆಹ್ವಾನ
(ಹಸಿರುಕ್ರಾಂತಿ ವರದಿ)
ಹುಬ್ಬಳ್ಳಿ,ಆ.06: 2024-25 ನೇ ಸಾಲಿನಲ್ಲಿ ಸಮಾಜ ಕಲ್ಯಾಣ ಇಲಾಖೆಯಿಂದ ಅನುಷ್ಠಾನಗೊಳಿಸುತ್ತಿರುವ ಪರಿಶಿಷ್ಟ ಜಾತಿ ಮತ್ತು ಪರಿಶಿಷ್ಟ ಪಂಗಡಗಳ ದೌರ್ಜನ್ಯ ಪ್ರತಿಬಂಧ ಅಧಿನಿಯಮ 1989 ಮತ್ತು 2015 ಹಾಗೂ ಮ್ಯಾನುಯಲ್ ಸ್ಕ್ಯಾವೆಂಜರ್ಸ್ ನಿಷೇಧ ಕಾಯ್ದೆ 2013ರ ಕುರಿತು ಅರಿವು ಮೂಡಿಸಲು ಸಾಂಸ್ಕೃತಿಕ ಕಲಾತಂಡಗಳ ಮೂಲಕ ಕಾರ್ಯಕ್ರಮ ಆಯೋಜಿಸಲು ಆಸಕ್ತ ಸಂಘ, ಸಂಸ್ಥೆಗಳಿಂದ ಅರ್ಜಿ ಆಹ್ವಾನಿಸಲಾಗಿದೆ. ಅರ್ಜಿ ಸಲ್ಲಿಸಲು ಆಗಸ್ಟ್ 9 ಕೊನೆಯ ದಿನಾಂಕವಾಗಿದೆ. ಹೆಚ್ಚಿನ ಮಾಹಿತಿಗಾಗಿ ಸಮಾಜ ಕಲ್ಯಾಣ ಇಲಾಖೆ ಕಚೇರಿ ದೂರವಾಣಿ ಸಂಖ್ಯೆ 9480843124, 0836-2278066 ಸಂಪರ್ಕಿಸಬಹುದು ಎಂದು ಸಹಾಯಕ ನಿರ್ದೇಶಕರು ಪ್ರಕಟಣೆಯಲ್ಲಿ ತಿಳಿಸಿದ್ದಾರೆ.
****
●●●●	●●●●	●●●●	●●●●
